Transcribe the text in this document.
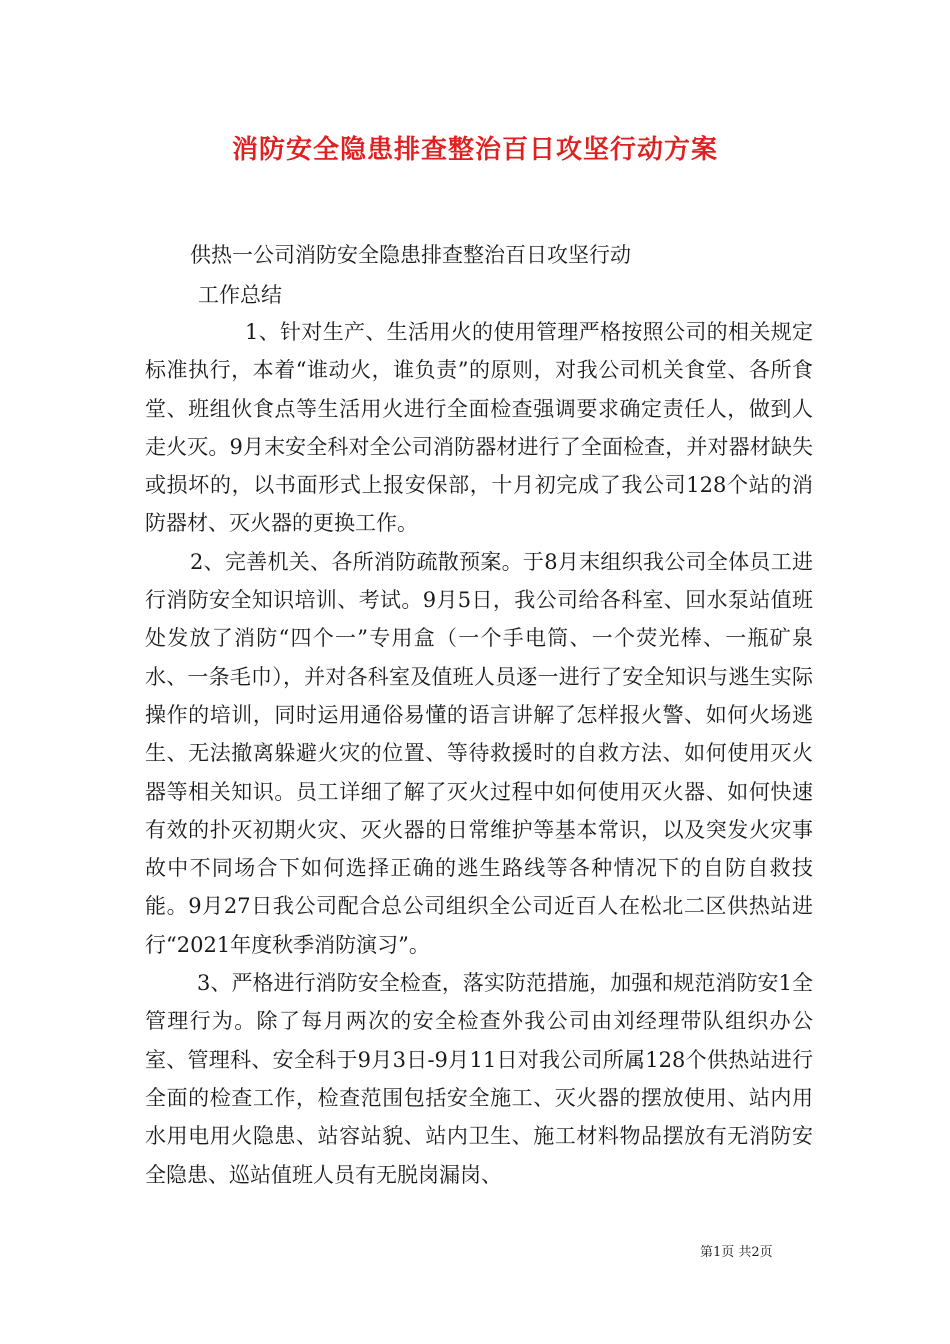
消防安全隐患排查整治百日攻坚行动方案
供热一公司消防安全隐患排查整治百日攻坚行动
工作总结

1、针对生产、生活用火的使用管理严格按照公司的相关规定标准执行，本着“谁动火，谁负责”的原则，对我公司机关食堂、各所食堂、班组伙食点等生活用火进行全面检查强调要求确定责任人，做到人走火灭。9月末安全科对全公司消防器材进行了全面检查，并对器材缺失或损坏的，以书面形式上报安保部，十月初完成了我公司128个站的消防器材、灭火器的更换工作。

2、完善机关、各所消防疏散预案。于8月末组织我公司全体员工进行消防安全知识培训、考试。9月5日，我公司给各科室、回水泵站值班处发放了消防“四个一”专用盒（一个手电筒、一个荧光棒、一瓶矿泉水、一条毛巾），并对各科室及值班人员逐一进行了安全知识与逃生实际操作的培训，同时运用通俗易懂的语言讲解了怎样报火警、如何火场逃生、无法撤离躲避火灾的位置、等待救援时的自救方法、如何使用灭火器等相关知识。员工详细了解了灭火过程中如何使用灭火器、如何快速有效的扑灭初期火灾、灭火器的日常维护等基本常识，以及突发火灾事故中不同场合下如何选择正确的逃生路线等各种情况下的自防自救技能。9月27日我公司配合总公司组织全公司近百人在松北二区供热站进行“2021年度秋季消防演习”。

3、严格进行消防安全检查，落实防范措施，加强和规范消防安1全管理行为。除了每月两次的安全检查外我公司由刘经理带队组织办公室、管理科、安全科于9月3日-9月11日对我公司所属128个供热站进行全面的检查工作，检查范围包括安全施工、灭火器的摆放使用、站内用水用电用火隐患、站容站貌、站内卫生、施工材料物品摆放有无消防安全隐患、巡站值班人员有无脱岗漏岗、

第1页 共2页
